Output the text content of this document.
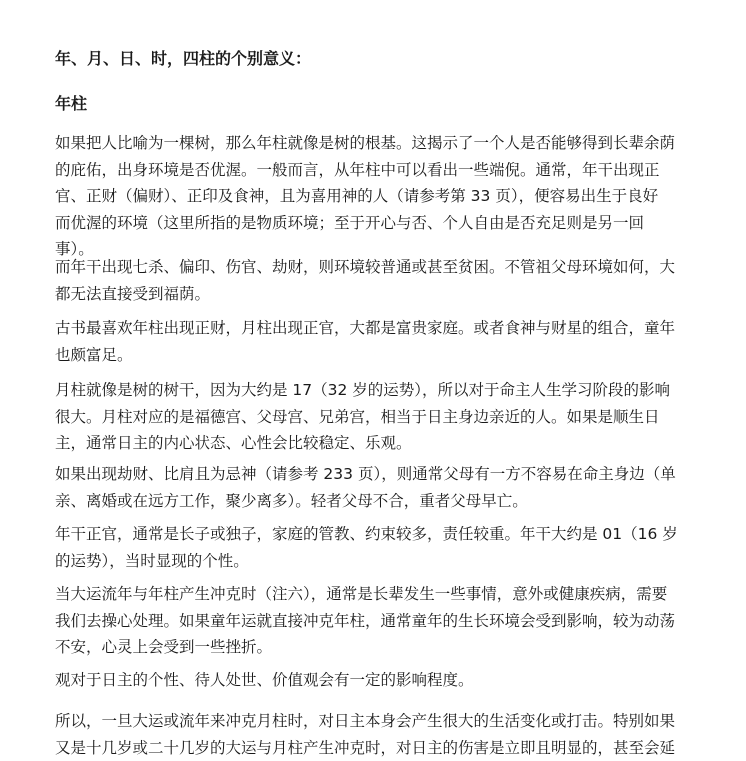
年、月、日、时，四柱的个别意义：
年柱

如果把人比喻为一棵树，那么年柱就像是树的根基。这揭示了一个人是否能够得到长辈余荫
的庇佑，出身环境是否优渥。一般而言，从年柱中可以看出一些端倪。通常，年干出现正
官、正财（偏财）、正印及食神，且为喜用神的人（请参考第 33 页），便容易出生于良好
而优渥的环境（这里所指的是物质环境；至于开心与否、个人自由是否充足则是另一回
事）。

而年干出现七杀、偏印、伤官、劫财，则环境较普通或甚至贫困。不管祖父母环境如何，大
都无法直接受到福荫。

古书最喜欢年柱出现正财，月柱出现正官，大都是富贵家庭。或者食神与财星的组合，童年
也颇富足。

月柱就像是树的树干，因为大约是 17（32 岁的运势），所以对于命主人生学习阶段的影响
很大。月柱对应的是福德宫、父母宫、兄弟宫，相当于日主身边亲近的人。如果是顺生日
主，通常日主的内心状态、心性会比较稳定、乐观。

如果出现劫财、比肩且为忌神（请参考 233 页），则通常父母有一方不容易在命主身边（单
亲、离婚或在远方工作，聚少离多）。轻者父母不合，重者父母早亡。

年干正官，通常是长子或独子，家庭的管教、约束较多，责任较重。年干大约是 01（16 岁
的运势），当时显现的个性。

当大运流年与年柱产生冲克时（注六），通常是长辈发生一些事情，意外或健康疾病，需要
我们去操心处理。如果童年运就直接冲克年柱，通常童年的生长环境会受到影响，较为动荡
不安，心灵上会受到一些挫折。

观对于日主的个性、待人处世、价值观会有一定的影响程度。

所以，一旦大运或流年来冲克月柱时，对日主本身会产生很大的生活变化或打击。特别如果
又是十几岁或二十几岁的大运与月柱产生冲克时，对日主的伤害是立即且明显的，甚至会延
